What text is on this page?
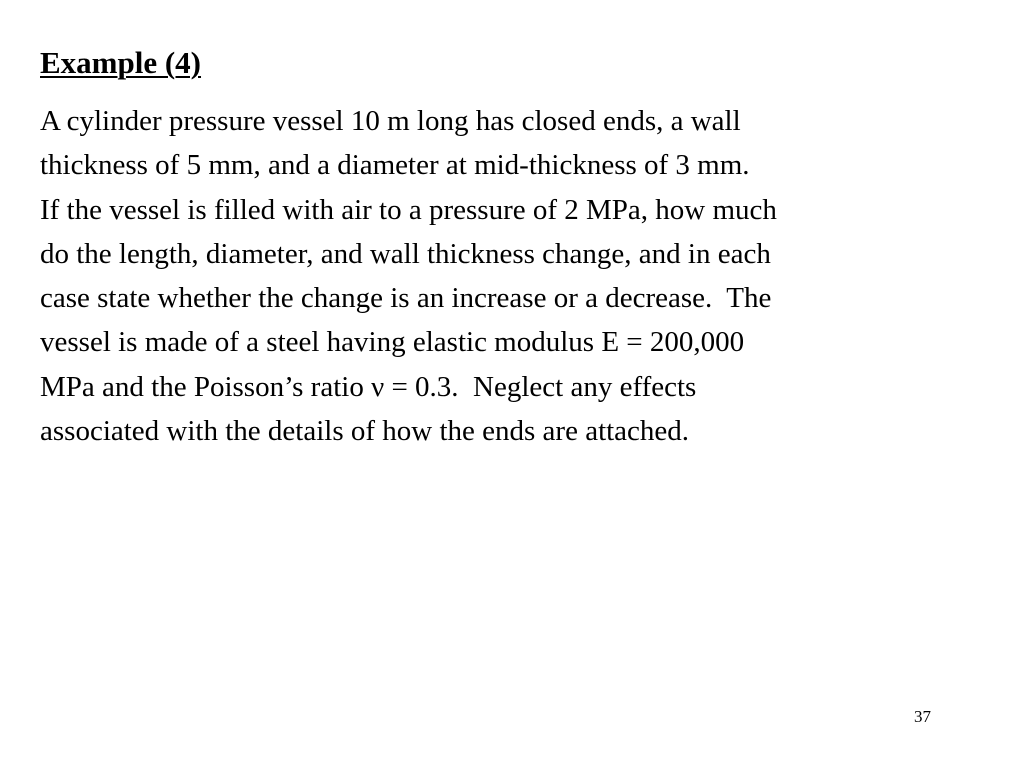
Example (4)
A cylinder pressure vessel 10 m long has closed ends, a wall
thickness of 5 mm, and a diameter at mid-thickness of 3 mm.
If the vessel is filled with air to a pressure of 2 MPa, how much
do the length, diameter, and wall thickness change, and in each
case state whether the change is an increase or a decrease.  The
vessel is made of a steel having elastic modulus E = 200,000
MPa and the Poisson’s ratio ν = 0.3.  Neglect any effects
associated with the details of how the ends are attached.
37
